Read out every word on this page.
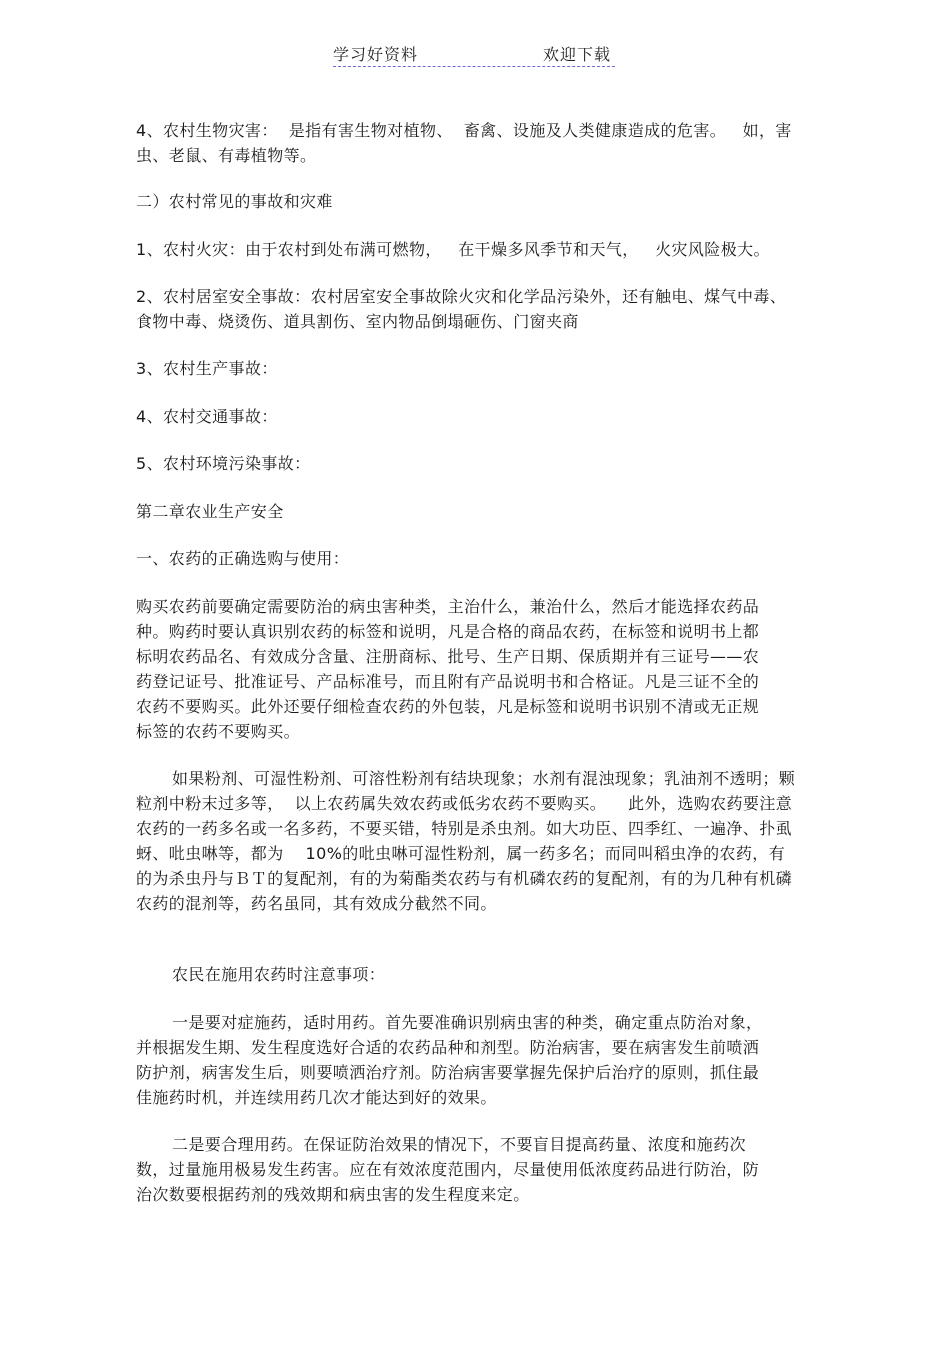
学习好资料	欢迎下载

4、农村生物灾害：  是指有害生物对植物、  畜禽、设施及人类健康造成的危害。   如，害虫、老鼠、有毒植物等。

二）农村常见的事故和灾难

1、农村火灾：由于农村到处布满可燃物，   在干燥多风季节和天气，   火灾风险极大。

2、农村居室安全事故：农村居室安全事故除火灾和化学品污染外，还有触电、煤气中毒、食物中毒、烧烫伤、道具割伤、室内物品倒塌砸伤、门窗夹商

3、农村生产事故：

4、农村交通事故：

5、农村环境污染事故：

第二章农业生产安全

一、农药的正确选购与使用：

购买农药前要确定需要防治的病虫害种类，主治什么，兼治什么，然后才能选择农药品种。购药时要认真识别农药的标签和说明，凡是合格的商品农药，在标签和说明书上都标明农药品名、有效成分含量、注册商标、批号、生产日期、保质期并有三证号——农药登记证号、批准证号、产品标准号，而且附有产品说明书和合格证。凡是三证不全的农药不要购买。此外还要仔细检查农药的外包装，凡是标签和说明书识别不清或无正规标签的农药不要购买。

如果粉剂、可湿性粉剂、可溶性粉剂有结块现象；水剂有混浊现象；乳油剂不透明；颗粒剂中粉末过多等，  以上农药属失效农药或低劣农药不要购买。    此外，选购农药要注意农药的一药多名或一名多药，不要买错，特别是杀虫剂。如大功臣、四季红、一遍净、扑虱蚜、吡虫啉等，都为    10%的吡虫啉可湿性粉剂，属一药多名；而同叫稻虫净的农药，有的为杀虫丹与ＢＴ的复配剂，有的为菊酯类农药与有机磷农药的复配剂，有的为几种有机磷农药的混剂等，药名虽同，其有效成分截然不同。

农民在施用农药时注意事项：

一是要对症施药，适时用药。首先要准确识别病虫害的种类，确定重点防治对象，并根据发生期、发生程度选好合适的农药品种和剂型。防治病害，要在病害发生前喷洒防护剂，病害发生后，则要喷洒治疗剂。防治病害要掌握先保护后治疗的原则，抓住最佳施药时机，并连续用药几次才能达到好的效果。

二是要合理用药。在保证防治效果的情况下，不要盲目提高药量、浓度和施药次数，过量施用极易发生药害。应在有效浓度范围内，尽量使用低浓度药品进行防治，防治次数要根据药剂的残效期和病虫害的发生程度来定。
